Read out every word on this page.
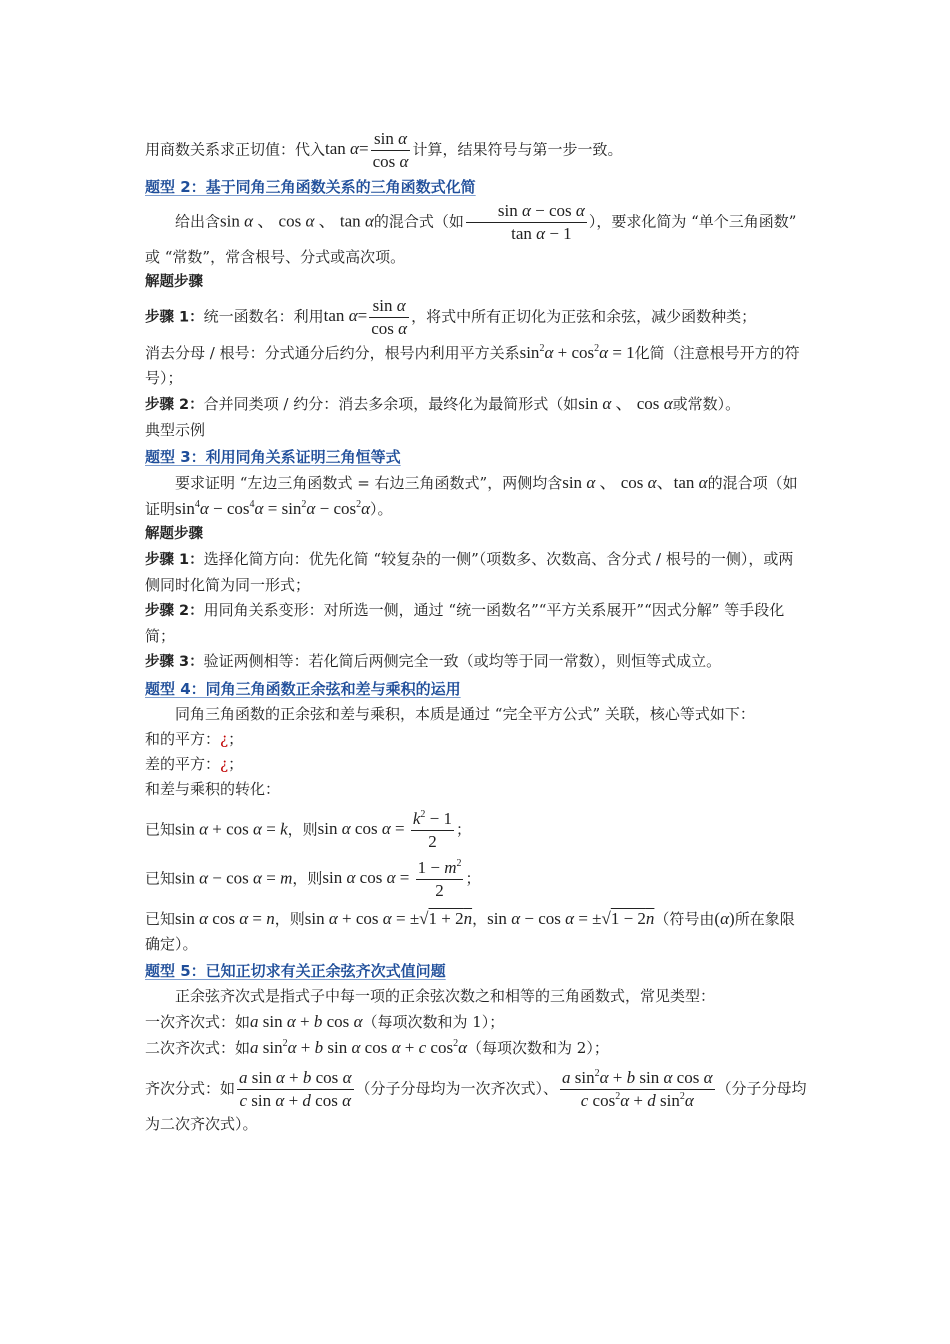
用商数关系求正切值：代入$\tan \alpha= \frac{\text{sin α}}{\text{cos α}}$ 计算，结果符号与第一步一致。

题型 2：基于同角三角函数关系的三角函数式化简

给出含sin α 、 cos α 、 tan α的混合式（如 $\frac{\text{sin α − cos α}}{\text{tan α − 1}}$ ），要求化简为 “单个三角函数” 或 “常数”，常含根号、分式或高次项。

解题步骤

步骤 1：统一函数名：利用$\tan \alpha= \frac{\text{sin α}}{\text{cos α}}$ ，将式中所有正切化为正弦和余弦，减少函数种类；

消去分母 / 根号：分式通分后约分，根号内利用平方关系$\sin^2\alpha + \cos^2\alpha = 1$化简（注意根号开方的符号）；

步骤 2：合并同类项 / 约分：消去多余项，最终化为最简形式（如sin α 、 cos α或常数）。

典型示例

题型 3：利用同角关系证明三角恒等式

要求证明 “左边三角函数式 = 右边三角函数式”，两侧均含sin α 、 cos α、tan α的混合项（如证明$\sin^4\alpha - \cos^4\alpha = \sin^2\alpha - \cos^2\alpha$）。

解题步骤

步骤 1：选择化简方向：优先化简 “较复杂的一侧”（项数多、次数高、含分式 / 根号的一侧），或两侧同时化简为同一形式；

步骤 2：用同角关系变形：对所选一侧，通过 “统一函数名”“平方关系展开”“因式分解” 等手段化简；

步骤 3：验证两侧相等：若化简后两侧完全一致（或均等于同一常数），则恒等式成立。

题型 4：同角三角函数正余弦和差与乘积的运用

同角三角函数的正余弦和差与乘积，本质是通过 “完全平方公式” 关联，核心等式如下：

和的平方：¿；

差的平方：¿；

和差与乘积的转化：

已知sin α + cos α = k，则sin α $\cos \alpha = \frac{k^2 - 1}{2}$ ；

已知sin α − cos α = m，则sin α $\cos \alpha = \frac{1 - m^2}{2}$ ；

已知sin α cos α = n，则sin α + cos α = ±√1 + 2n，sin α − cos α = ±√1 − 2n（符号由(α)所在象限确定）。

题型 5：已知正切求有关正余弦齐次式值问题

正余弦齐次式是指式子中每一项的正余弦次数之和相等的三角函数式，常见类型：

一次齐次式：如a sin α + b cos α（每项次数和为 1）；

二次齐次式：如a $\sin^2\alpha + b$ sin α cos α + c $\cos^2\alpha$（每项次数和为 2）；

齐次分式：如 $\frac{\text{a sin α + b cos α}}{\text{c sin α + d cos α}}$ （分子分母均为一次齐次式）、 $\frac{a \sin^2\alpha + b \sin \alpha \cos \alpha}{c \cos^2\alpha + d \sin^2\alpha}$ （分子分母均为二次齐次式）。
